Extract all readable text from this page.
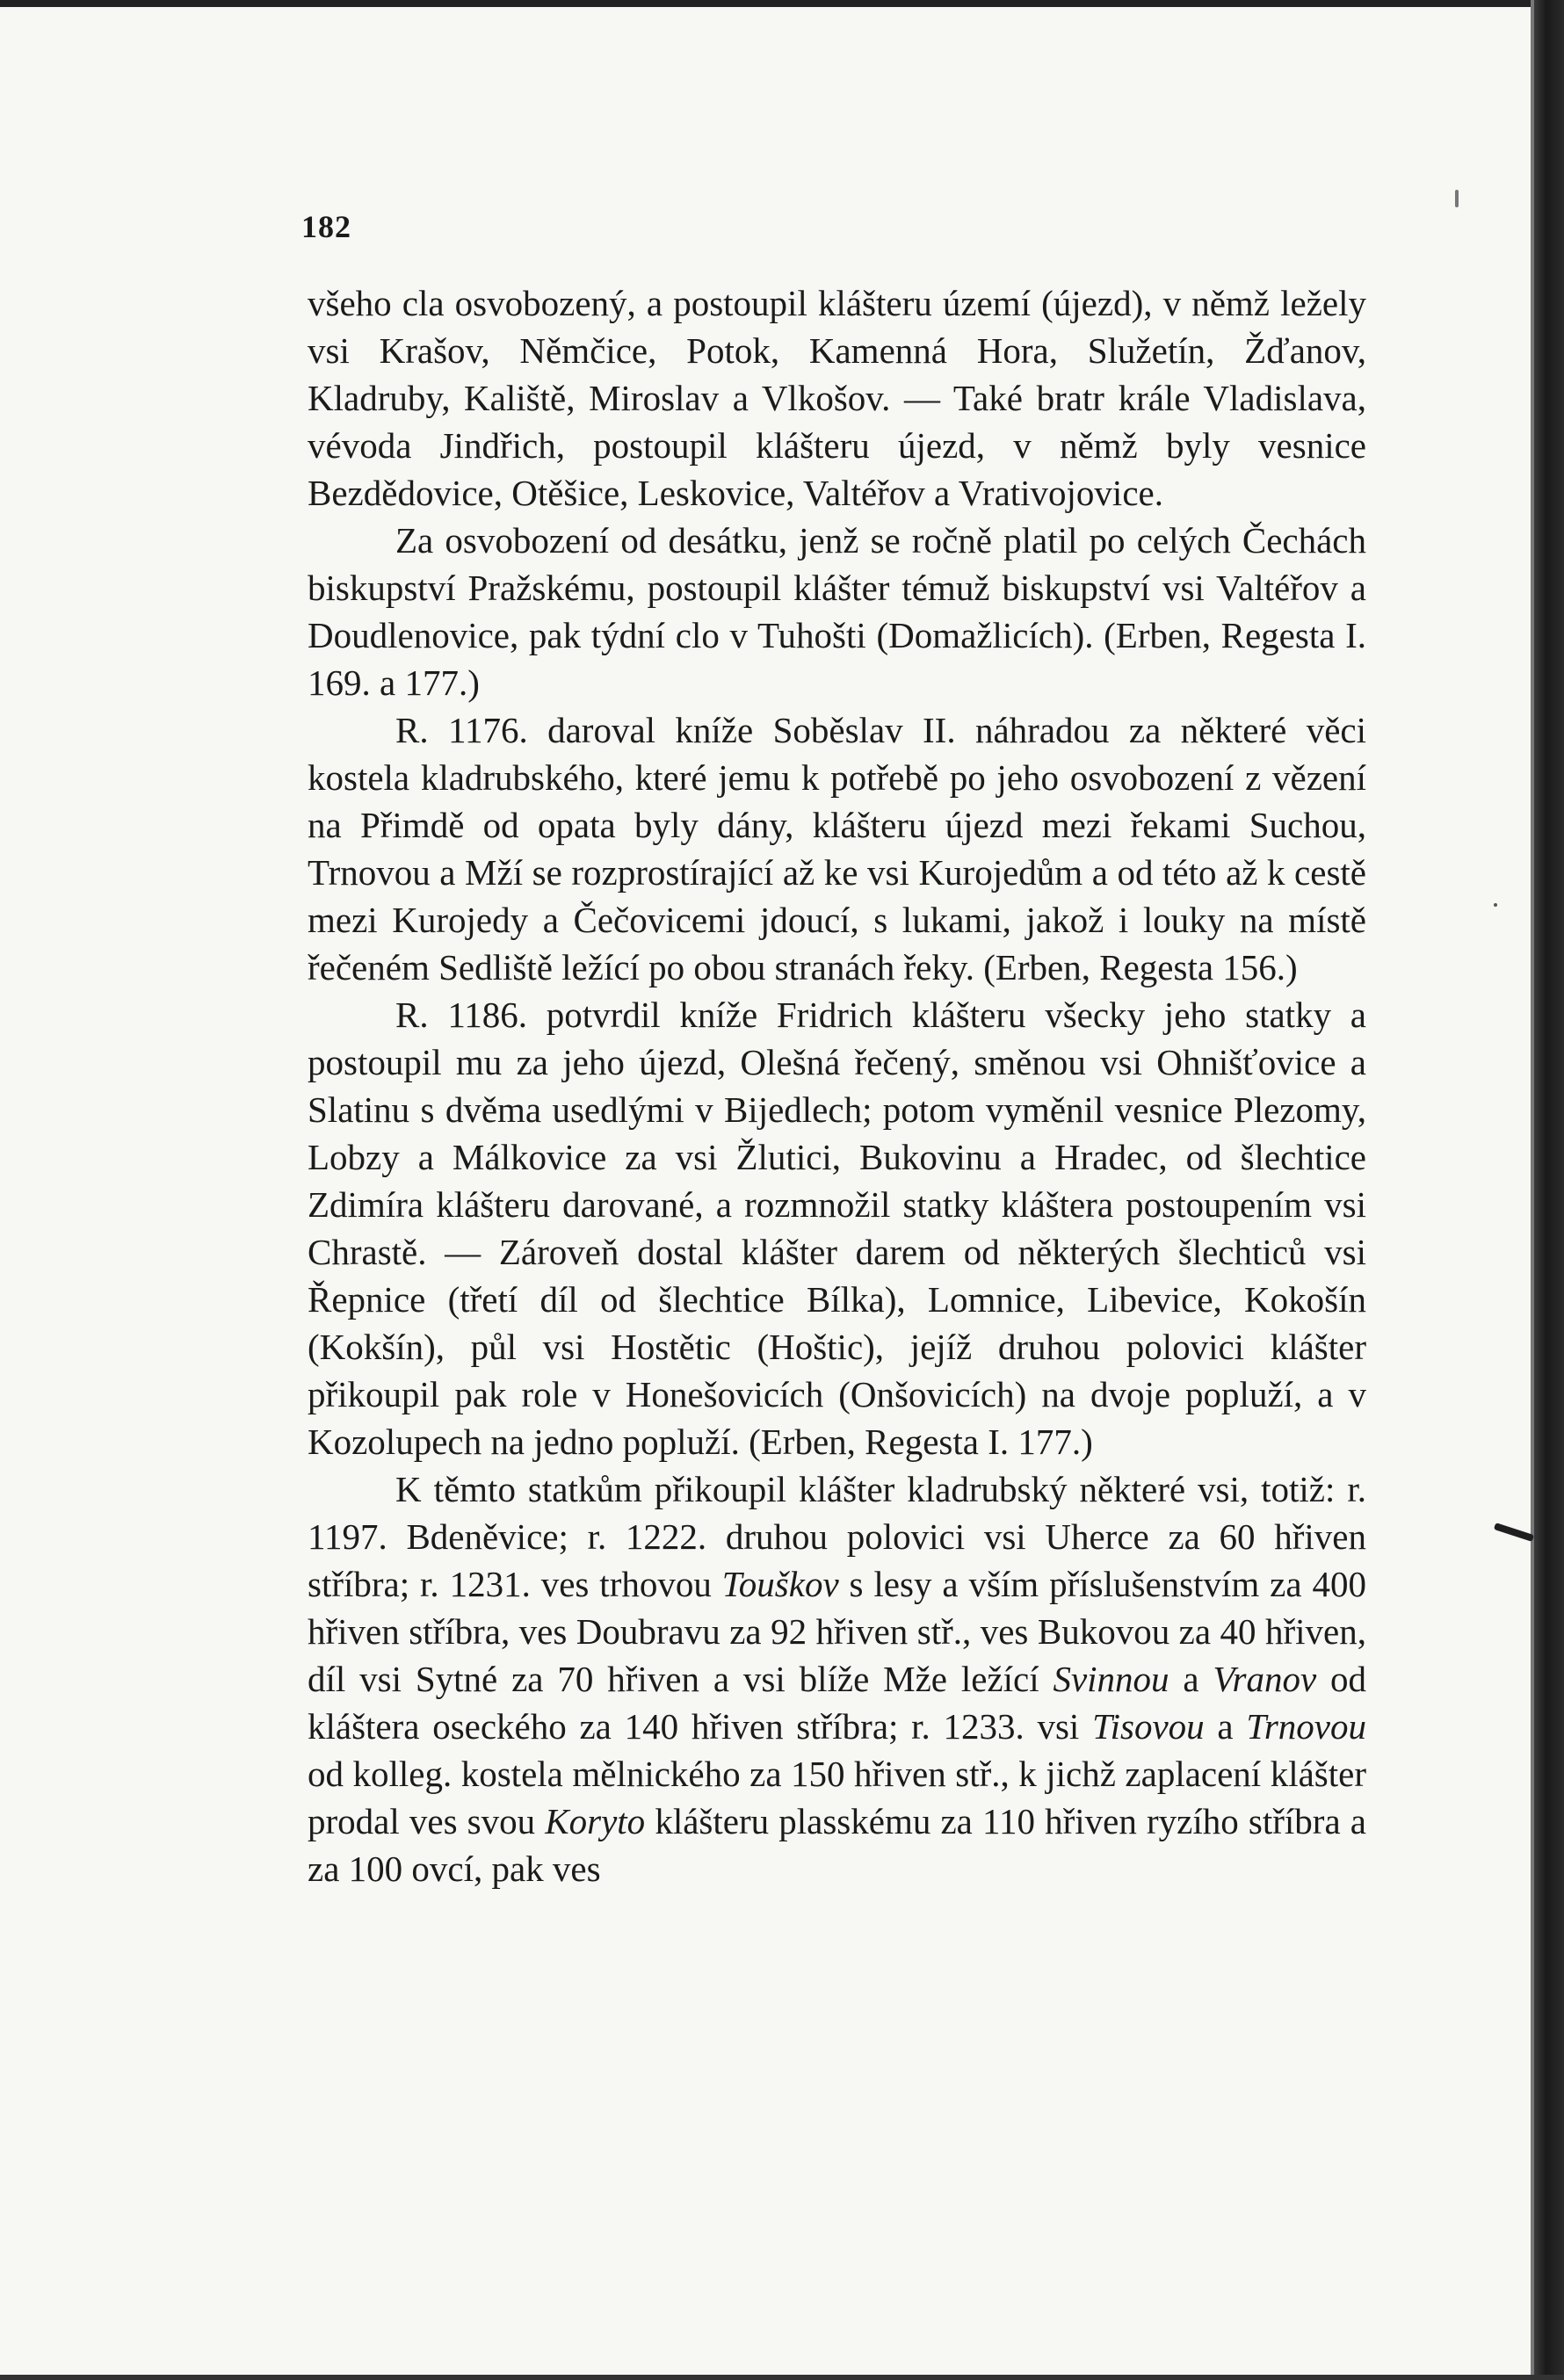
182

všeho cla osvobozený, a postoupil klášteru území (újezd), v němž ležely vsi Krašov, Němčice, Potok, Kamenná Hora, Služetín, Žďanov, Kladruby, Kaliště, Miroslav a Vlkošov. — Také bratr krále Vladislava, vévoda Jindřich, postoupil klášteru újezd, v němž byly vesnice Bezdědovice, Otěšice, Leskovice, Valtéřov a Vrativojovice.

Za osvobození od desátku, jenž se ročně platil po celých Čechách biskupství Pražskému, postoupil klášter témuž biskupství vsi Valtéřov a Doudlenovice, pak týdní clo v Tuhošti (Domažlicích). (Erben, Regesta I. 169. a 177.)

R. 1176. daroval kníže Soběslav II. náhradou za některé věci kostela kladrubského, které jemu k potřebě po jeho osvobození z vězení na Přimdě od opata byly dány, klášteru újezd mezi řekami Suchou, Trnovou a Mží se rozprostírající až ke vsi Kurojedům a od této až k cestě mezi Kurojedy a Čečovicemi jdoucí, s lukami, jakož i louky na místě řečeném Sedliště ležící po obou stranách řeky. (Erben, Regesta 156.)

R. 1186. potvrdil kníže Fridrich klášteru všecky jeho statky a postoupil mu za jeho újezd, Olešná řečený, směnou vsi Ohnišťovice a Slatinu s dvěma usedlými v Bijedlech; potom vyměnil vesnice Plezomy, Lobzy a Málkovice za vsi Žlutici, Bukovinu a Hradec, od šlechtice Zdimíra klášteru darované, a rozmnožil statky kláštera postoupením vsi Chrastě. — Zároveň dostal klášter darem od některých šlechticů vsi Řepnice (třetí díl od šlechtice Bílka), Lomnice, Libevice, Kokošín (Kokšín), půl vsi Hostětic (Hoštic), jejíž druhou polovici klášter přikoupil pak role v Honešovicích (Onšovicích) na dvoje popluží, a v Kozolupech na jedno popluží. (Erben, Regesta I. 177.)

K těmto statkům přikoupil klášter kladrubský některé vsi, totiž: r. 1197. Bdeněvice; r. 1222. druhou polovici vsi Uherce za 60 hřiven stříbra; r. 1231. ves trhovou Touškov s lesy a vším příslušenstvím za 400 hřiven stříbra, ves Doubravu za 92 hřiven stř., ves Bukovou za 40 hřiven, díl vsi Sytné za 70 hřiven a vsi blíže Mže ležící Svinnou a Vranov od kláštera oseckého za 140 hřiven stříbra; r. 1233. vsi Tisovou a Trnovou od kolleg. kostela mělnického za 150 hřiven stř., k jichž zaplacení klášter prodal ves svou Koryto klášteru plasskému za 110 hřiven ryzího stříbra a za 100 ovcí, pak ves
